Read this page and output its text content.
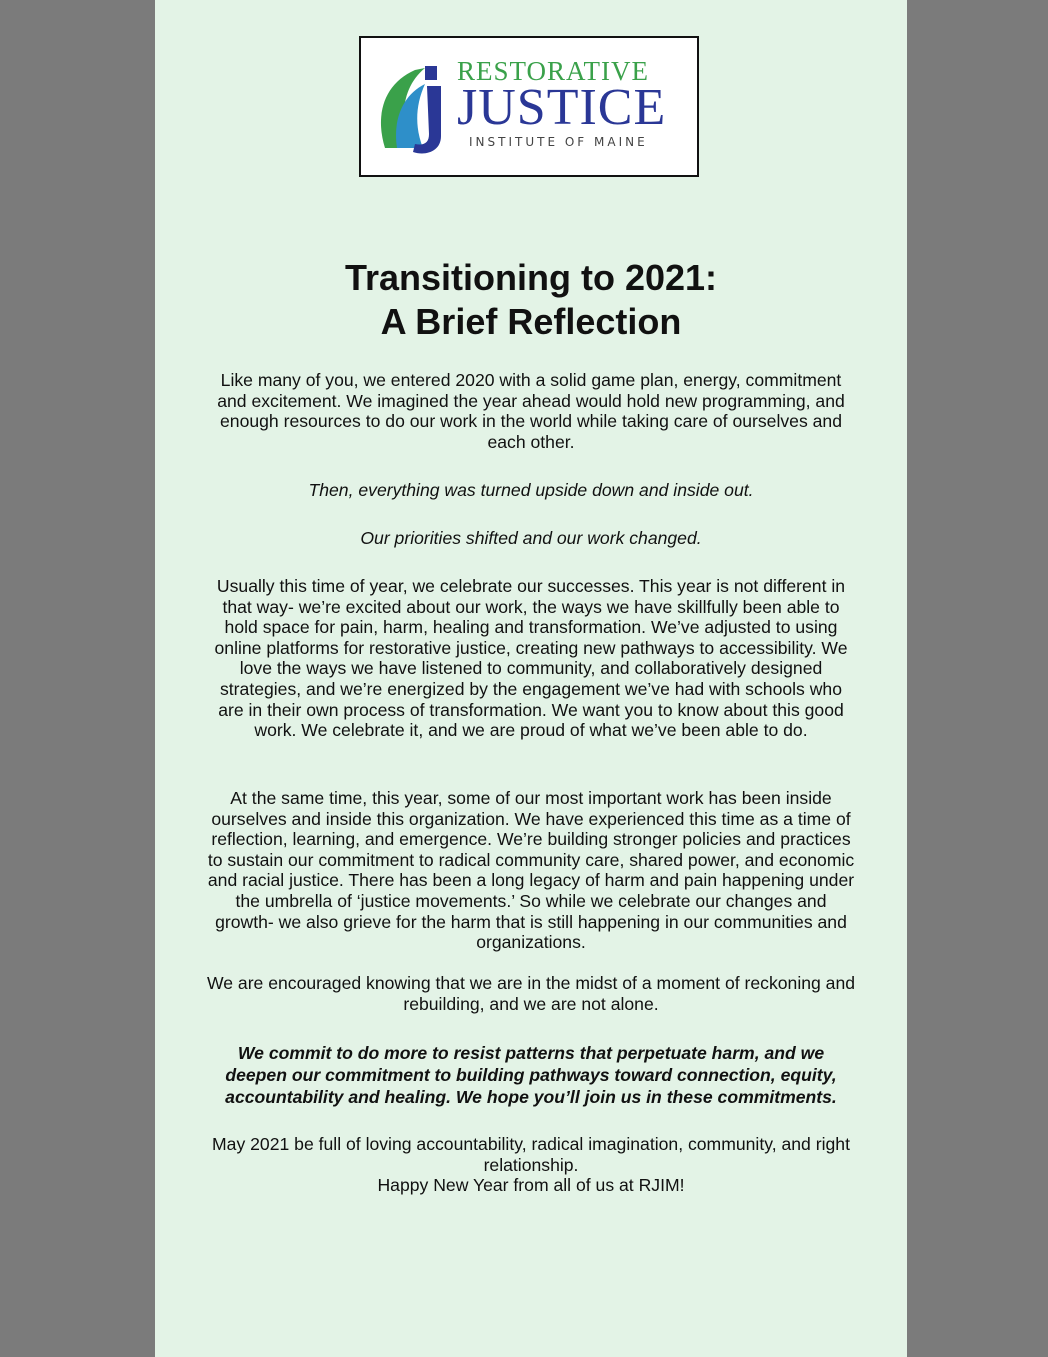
RESTORATIVE
JUSTICE
INSTITUTE OF MAINE
Transitioning to 2021:
A Brief Reflection

Like many of you, we entered 2020 with a solid game plan, energy, commitment and excitement. We imagined the year ahead would hold new programming, and enough resources to do our work in the world while taking care of ourselves and each other.

Then, everything was turned upside down and inside out.

Our priorities shifted and our work changed.

Usually this time of year, we celebrate our successes. This year is not different in that way- we’re excited about our work, the ways we have skillfully been able to hold space for pain, harm, healing and transformation. We’ve adjusted to using online platforms for restorative justice, creating new pathways to accessibility. We love the ways we have listened to community, and collaboratively designed strategies, and we’re energized by the engagement we’ve had with schools who are in their own process of transformation. We want you to know about this good work. We celebrate it, and we are proud of what we’ve been able to do.

At the same time, this year, some of our most important work has been inside ourselves and inside this organization. We have experienced this time as a time of reflection, learning, and emergence. We’re building stronger policies and practices to sustain our commitment to radical community care, shared power, and economic and racial justice. There has been a long legacy of harm and pain happening under the umbrella of ‘justice movements.’ So while we celebrate our changes and growth- we also grieve for the harm that is still happening in our communities and organizations.

We are encouraged knowing that we are in the midst of a moment of reckoning and rebuilding, and we are not alone.

We commit to do more to resist patterns that perpetuate harm, and we deepen our commitment to building pathways toward connection, equity, accountability and healing. We hope you’ll join us in these commitments.

May 2021 be full of loving accountability, radical imagination, community, and right relationship.
Happy New Year from all of us at RJIM!
